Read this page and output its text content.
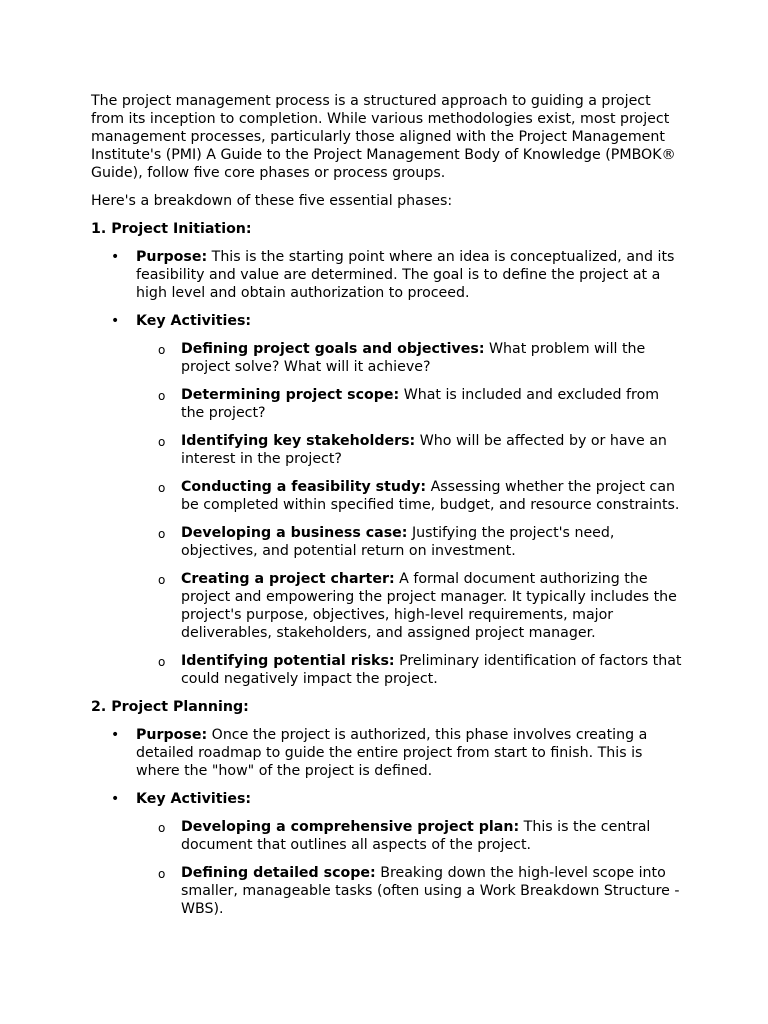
The project management process is a structured approach to guiding a project from its inception to completion. While various methodologies exist, most project management processes, particularly those aligned with the Project Management Institute's (PMI) A Guide to the Project Management Body of Knowledge (PMBOK® Guide), follow five core phases or process groups.

Here's a breakdown of these five essential phases:

1. Project Initiation:

• Purpose: This is the starting point where an idea is conceptualized, and its feasibility and value are determined. The goal is to define the project at a high level and obtain authorization to proceed.
• Key Activities:
o Defining project goals and objectives: What problem will the project solve? What will it achieve?
o Determining project scope: What is included and excluded from the project?
o Identifying key stakeholders: Who will be affected by or have an interest in the project?
o Conducting a feasibility study: Assessing whether the project can be completed within specified time, budget, and resource constraints.
o Developing a business case: Justifying the project's need, objectives, and potential return on investment.
o Creating a project charter: A formal document authorizing the project and empowering the project manager. It typically includes the project's purpose, objectives, high-level requirements, major deliverables, stakeholders, and assigned project manager.
o Identifying potential risks: Preliminary identification of factors that could negatively impact the project.

2. Project Planning:

• Purpose: Once the project is authorized, this phase involves creating a detailed roadmap to guide the entire project from start to finish. This is where the "how" of the project is defined.
• Key Activities:
o Developing a comprehensive project plan: This is the central document that outlines all aspects of the project.
o Defining detailed scope: Breaking down the high-level scope into smaller, manageable tasks (often using a Work Breakdown Structure - WBS).
